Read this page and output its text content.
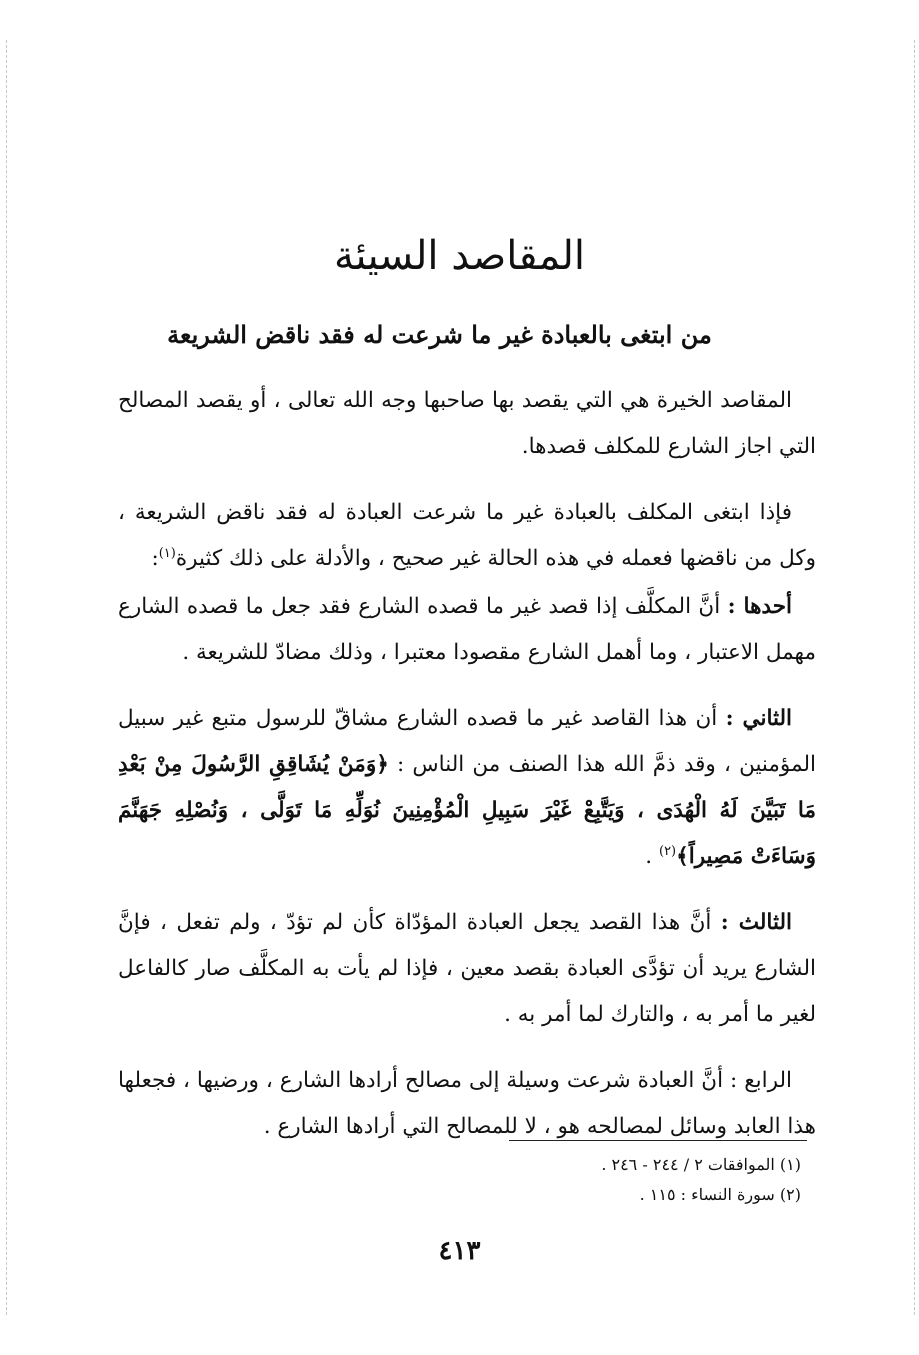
المقاصد السيئة
من ابتغى بالعبادة غير ما شرعت له فقد ناقض الشريعة

المقاصد الخيرة هي التي يقصد بها صاحبها وجه الله تعالى ، أو يقصد المصالح التي اجاز الشارع للمكلف قصدها.

فإذا ابتغى المكلف بالعبادة غير ما شرعت العبادة له فقد ناقض الشريعة ، وكل من ناقضها فعمله في هذه الحالة غير صحيح ، والأدلة على ذلك كثيرة$^{(١)}$:

أحدها : أنَّ المكلَّف إذا قصد غير ما قصده الشارع فقد جعل ما قصده الشارع مهمل الاعتبار ، وما أهمل الشارع مقصودا معتبرا ، وذلك مضادّ للشريعة .

الثاني : أن هذا القاصد غير ما قصده الشارع مشاقّ للرسول متبع غير سبيل المؤمنين ، وقد ذمَّ الله هذا الصنف من الناس : ﴿وَمَنْ يُشَاقِقِ الرَّسُولَ مِنْ بَعْدِ مَا تَبَيَّنَ لَهُ الْهُدَى ، وَيَتَّبِعْ غَيْرَ سَبِيلِ الْمُؤْمِنِينَ نُوَلِّهِ مَا تَوَلَّى ، وَنُصْلِهِ جَهَنَّمَ وَسَاءَتْ مَصِيراً﴾$^{(٢)}$ .

الثالث : أنَّ هذا القصد يجعل العبادة المؤدّاة كأن لم تؤدّ ، ولم تفعل ، فإنَّ الشارع يريد أن تؤدَّى العبادة بقصد معين ، فإذا لم يأت به المكلَّف صار كالفاعل لغير ما أمر به ، والتارك لما أمر به .

الرابع : أنَّ العبادة شرعت وسيلة إلى مصالح أرادها الشارع ، ورضيها ، فجعلها هذا العابد وسائل لمصالحه هو ، لا للمصالح التي أرادها الشارع .

(١) الموافقات ٢ / ٢٤٤ - ٢٤٦ .
(٢) سورة النساء : ١١٥ .
٤١٣
